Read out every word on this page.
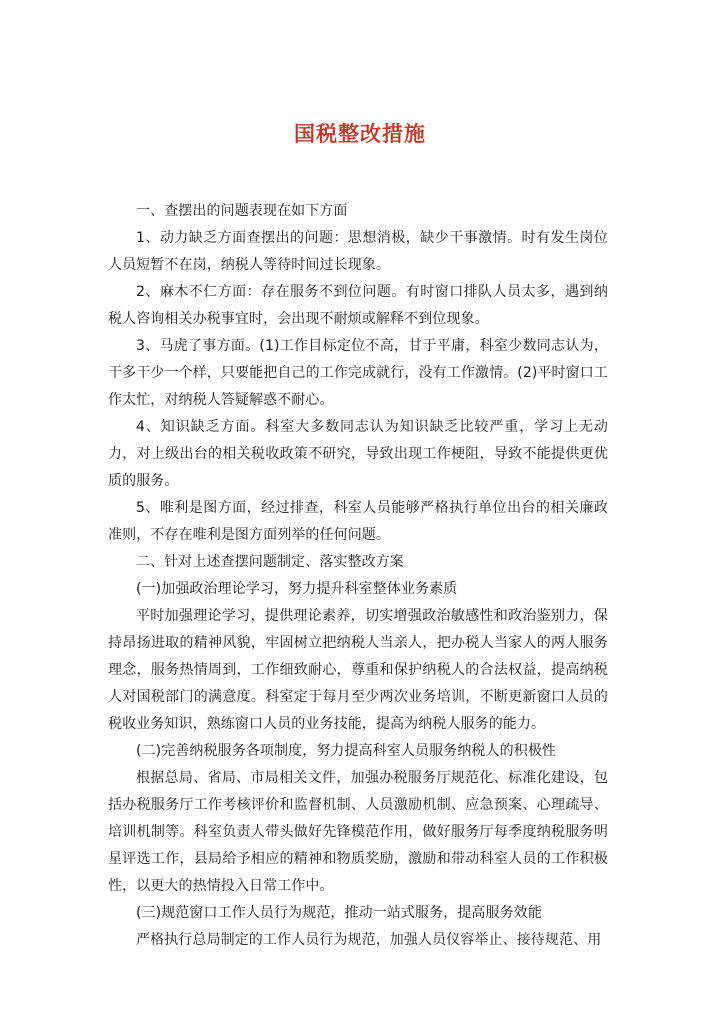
国税整改措施

一、查摆出的问题表现在如下方面

1、动力缺乏方面查摆出的问题：思想消极，缺少干事激情。时有发生岗位人员短暂不在岗，纳税人等待时间过长现象。

2、麻木不仁方面：存在服务不到位问题。有时窗口排队人员太多，遇到纳税人咨询相关办税事宜时，会出现不耐烦或解释不到位现象。

3、马虎了事方面。(1)工作目标定位不高，甘于平庸，科室少数同志认为，干多干少一个样，只要能把自己的工作完成就行，没有工作激情。(2)平时窗口工作太忙，对纳税人答疑解惑不耐心。

4、知识缺乏方面。科室大多数同志认为知识缺乏比较严重，学习上无动力，对上级出台的相关税收政策不研究，导致出现工作梗阻，导致不能提供更优质的服务。

5、唯利是图方面，经过排查，科室人员能够严格执行单位出台的相关廉政准则，不存在唯利是图方面列举的任何问题。

二、针对上述查摆问题制定、落实整改方案

(一)加强政治理论学习，努力提升科室整体业务素质

平时加强理论学习，提供理论素养，切实增强政治敏感性和政治鉴别力，保持昂扬进取的精神风貌，牢固树立把纳税人当亲人，把办税人当家人的两人服务理念，服务热情周到，工作细致耐心，尊重和保护纳税人的合法权益，提高纳税人对国税部门的满意度。科室定于每月至少两次业务培训，不断更新窗口人员的税收业务知识，熟练窗口人员的业务技能，提高为纳税人服务的能力。

(二)完善纳税服务各项制度，努力提高科室人员服务纳税人的积极性

根据总局、省局、市局相关文件，加强办税服务厅规范化、标准化建设，包括办税服务厅工作考核评价和监督机制、人员激励机制、应急预案、心理疏导、培训机制等。科室负责人带头做好先锋模范作用，做好服务厅每季度纳税服务明星评选工作，县局给予相应的精神和物质奖励，激励和带动科室人员的工作积极性，以更大的热情投入日常工作中。

(三)规范窗口工作人员行为规范，推动一站式服务，提高服务效能

严格执行总局制定的工作人员行为规范，加强人员仪容举止、接待规范、用
